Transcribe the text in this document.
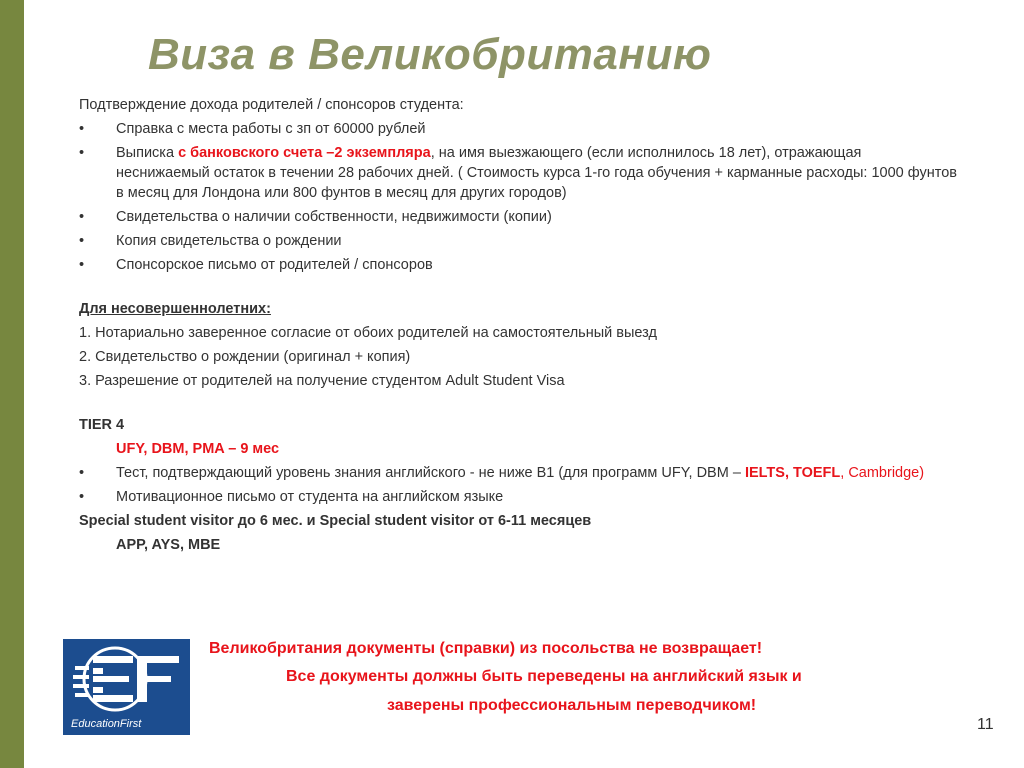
Виза в Великобританию
Подтверждение дохода родителей / спонсоров студента:
•	Справка с места работы с зп от 60000 рублей
•	Выписка с банковского счета –2 экземпляра, на имя выезжающего (если исполнилось 18 лет), отражающая неснижаемый остаток в течении 28 рабочих дней. ( Стоимость курса 1-го года обучения + карманные расходы: 1000 фунтов в месяц для Лондона или 800 фунтов в месяц для других городов)
•	Свидетельства о наличии собственности, недвижимости (копии)
•	Копия свидетельства о рождении
•	Спонсорское письмо от родителей / спонсоров
Для несовершеннолетних:
1. Нотариально заверенное согласие от обоих родителей на самостоятельный выезд
2. Свидетельство о рождении (оригинал + копия)
3. Разрешение от родителей на получение студентом Adult Student Visa
TIER 4
UFY, DBM, PMA – 9 мес
•	Тест, подтверждающий уровень знания английского - не ниже В1 (для программ UFY, DBM – IELTS, TOEFL, Cambridge)
•	Мотивационное письмо от студента на английском языке
Special student visitor до 6 мес. и Special student visitor от 6-11 месяцев
APP, AYS, MBE
EducationFirst
Великобритания документы (справки) из посольства не возвращает!
Все документы должны быть переведены на английский язык и
заверены профессиональным переводчиком!
11
